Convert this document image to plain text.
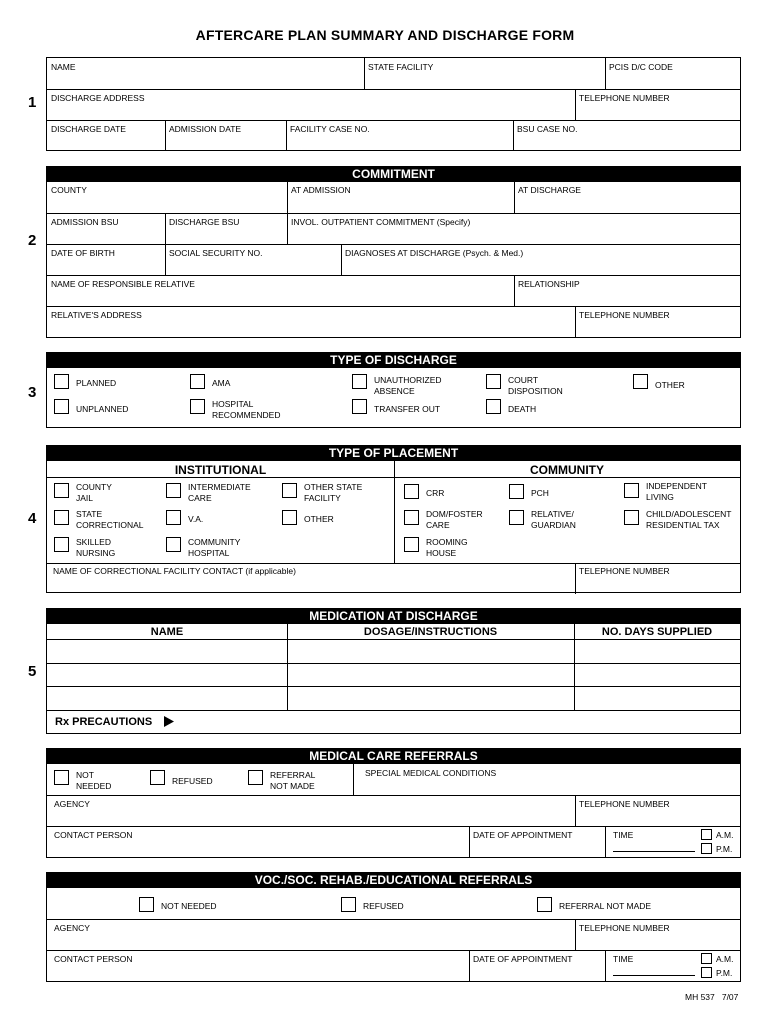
AFTERCARE PLAN SUMMARY AND DISCHARGE FORM
1
NAME	STATE FACILITY	PCIS D/C CODE
DISCHARGE ADDRESS	TELEPHONE NUMBER
DISCHARGE DATE	ADMISSION DATE	FACILITY CASE NO.	BSU CASE NO.
2
COMMITMENT
COUNTY	AT ADMISSION	AT DISCHARGE
ADMISSION BSU	DISCHARGE BSU	INVOL. OUTPATIENT COMMITMENT (Specify)
DATE OF BIRTH	SOCIAL SECURITY NO.	DIAGNOSES AT DISCHARGE (Psych. & Med.)
NAME OF RESPONSIBLE RELATIVE	RELATIONSHIP
RELATIVE'S ADDRESS	TELEPHONE NUMBER
3
TYPE OF DISCHARGE
PLANNED
UNPLANNED
AMA
HOSPITAL
RECOMMENDED
UNAUTHORIZED
ABSENCE
TRANSFER OUT
COURT
DISPOSITION
DEATH
OTHER
4
TYPE OF PLACEMENT
INSTITUTIONAL	COMMUNITY
COUNTY
JAIL
STATE
CORRECTIONAL
SKILLED
NURSING
INTERMEDIATE
CARE
V.A.
COMMUNITY
HOSPITAL
OTHER STATE
FACILITY
OTHER
CRR
DOM/FOSTER
CARE
ROOMING
HOUSE
PCH
RELATIVE/
GUARDIAN
INDEPENDENT
LIVING
CHILD/ADOLESCENT
RESIDENTIAL TAX
NAME OF CORRECTIONAL FACILITY CONTACT (if applicable)	TELEPHONE NUMBER
5
MEDICATION AT DISCHARGE
NAME	DOSAGE/INSTRUCTIONS	NO. DAYS SUPPLIED
Rx PRECAUTIONS
MEDICAL CARE REFERRALS
NOT
NEEDED	REFUSED
REFERRAL
NOT MADE
SPECIAL MEDICAL CONDITIONS
AGENCY	TELEPHONE NUMBER
CONTACT PERSON	DATE OF APPOINTMENT	TIME	A.M.
P.M.
VOC./SOC. REHAB./EDUCATIONAL REFERRALS
NOT NEEDED	REFUSED	REFERRAL NOT MADE
AGENCY	TELEPHONE NUMBER
CONTACT PERSON	DATE OF APPOINTMENT	TIME	A.M.
P.M.
MH 537   7/07
